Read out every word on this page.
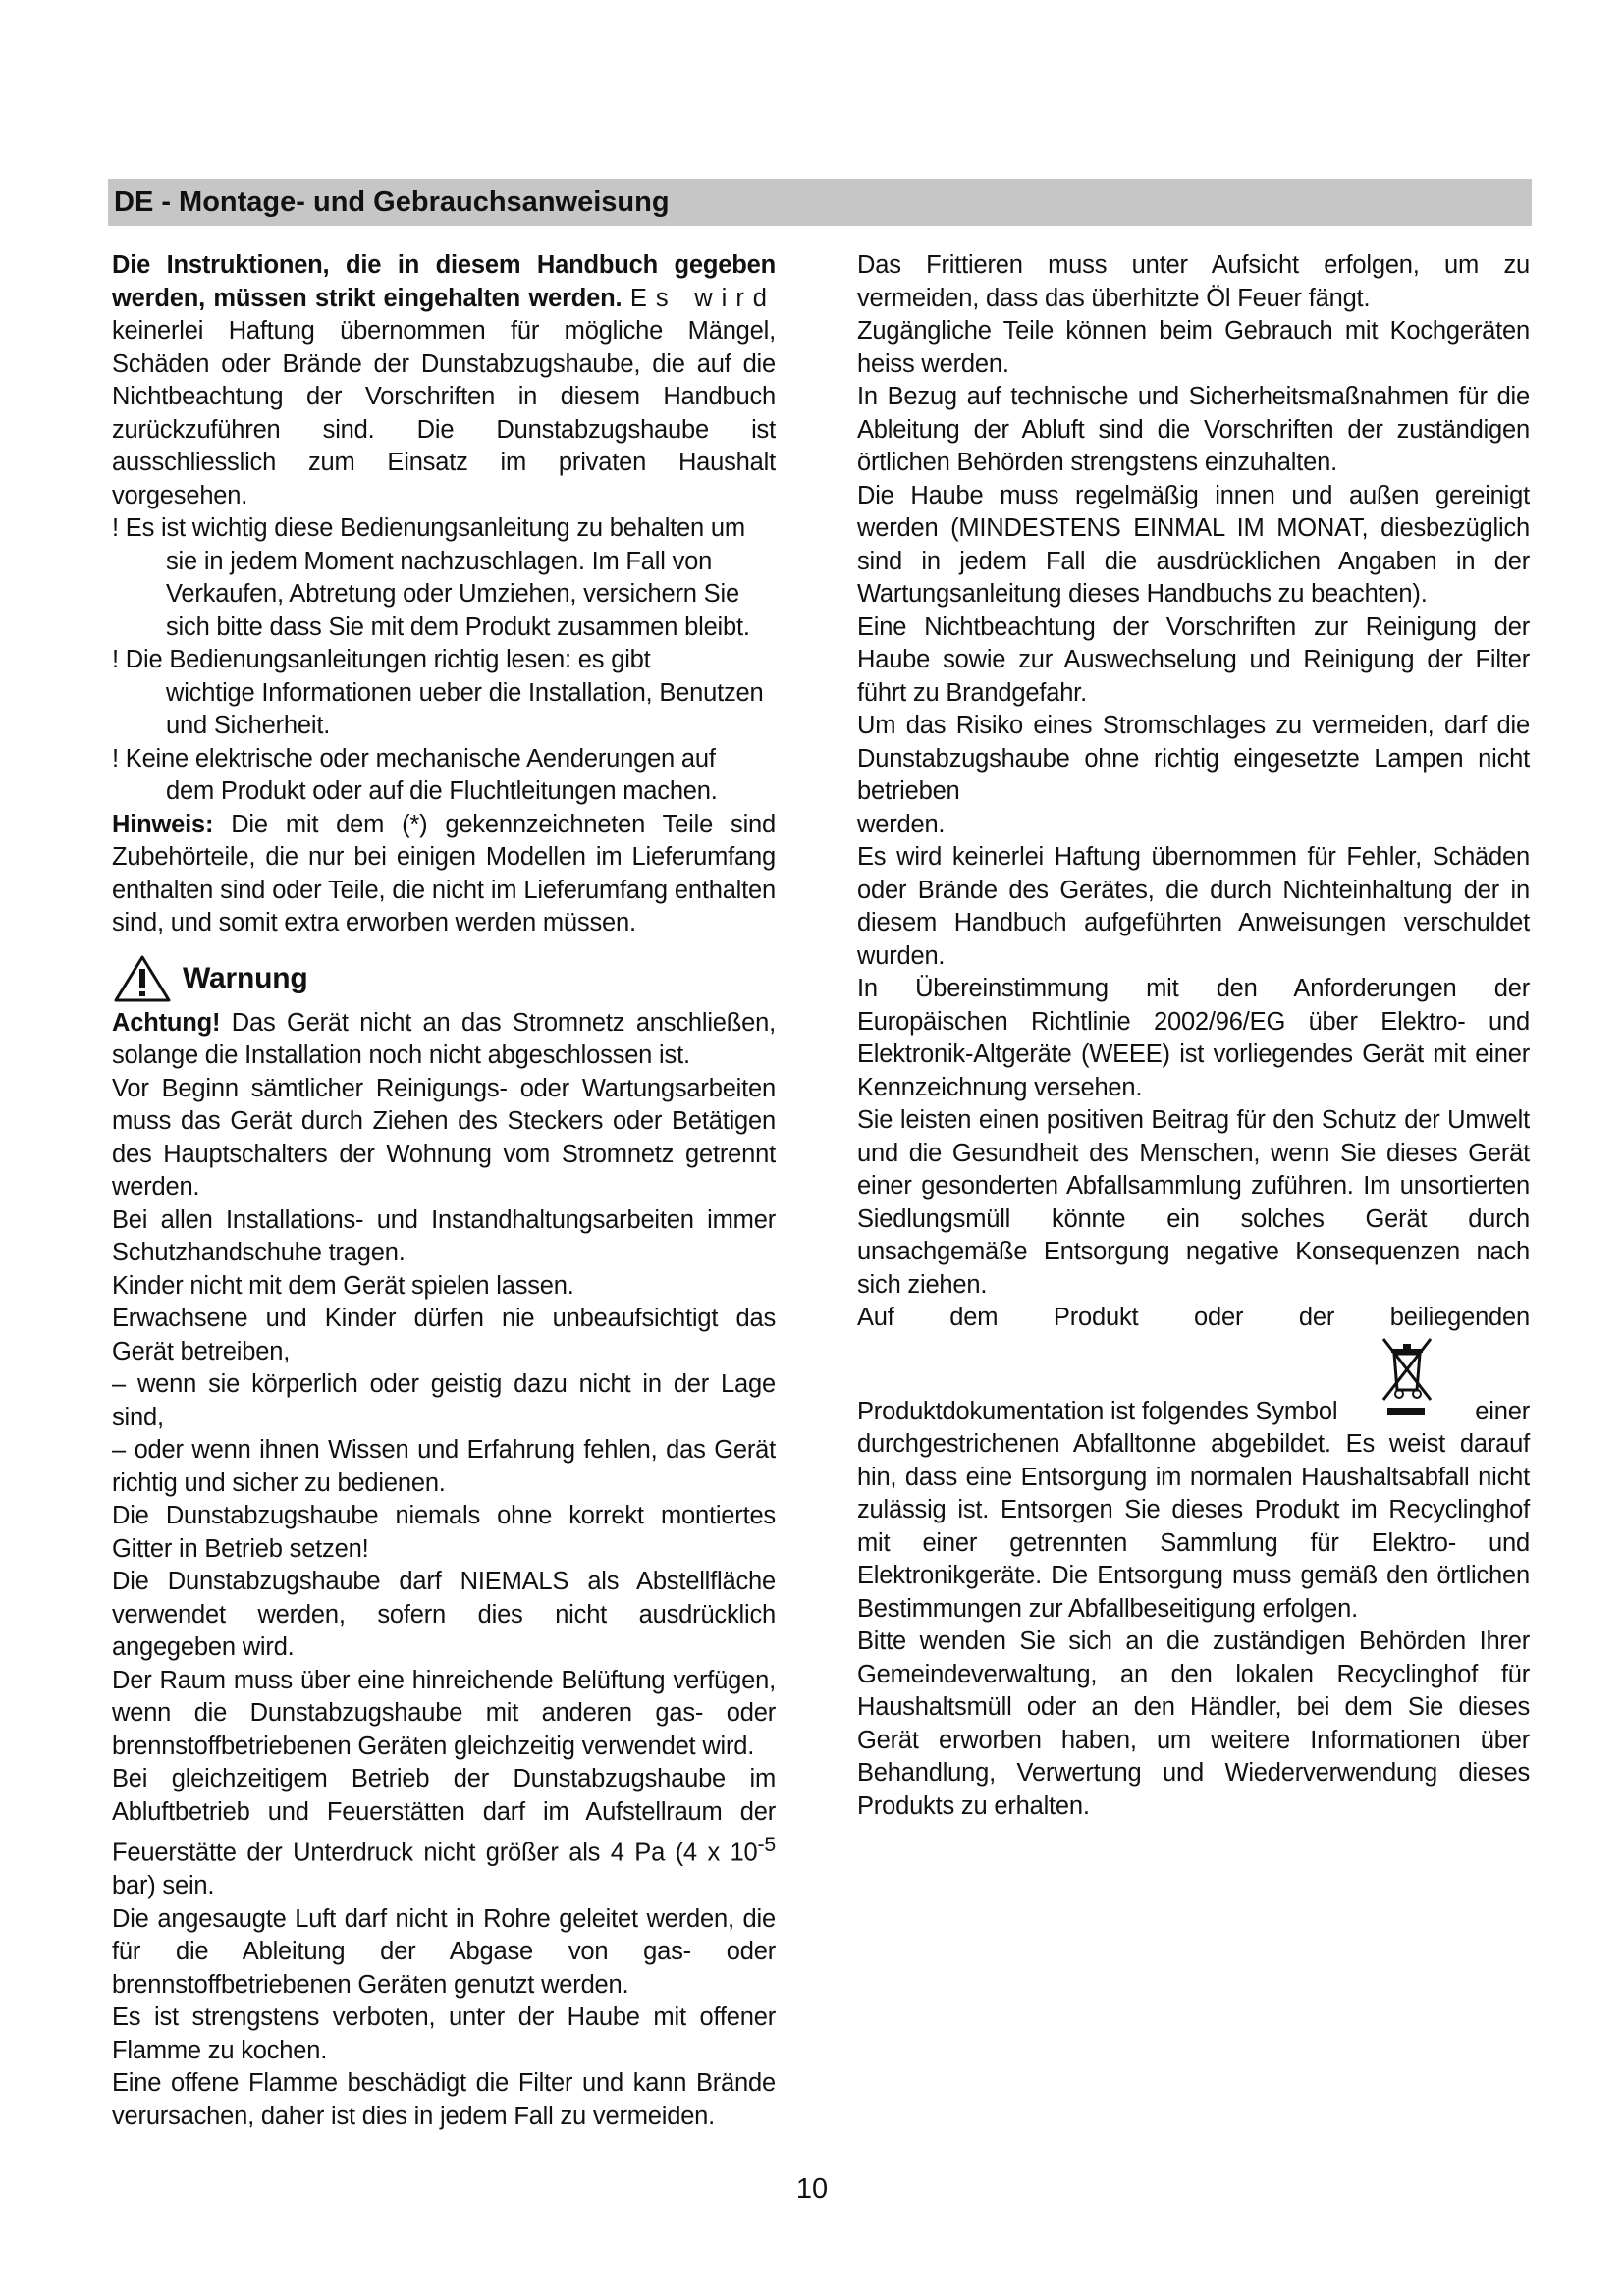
DE - Montage- und Gebrauchsanweisung

Die Instruktionen, die in diesem Handbuch gegeben werden, müssen strikt eingehalten werden. Es wird keinerlei Haftung übernommen für mögliche Mängel, Schäden oder Brände der Dunstabzugshaube, die auf die Nichtbeachtung der Vorschriften in diesem Handbuch zurückzuführen sind. Die Dunstabzugshaube ist ausschliesslich zum Einsatz im privaten Haushalt vorgesehen.

! Es ist wichtig diese Bedienungsanleitung zu behalten um

sie in jedem Moment nachzuschlagen. Im Fall von Verkaufen, Abtretung oder Umziehen, versichern Sie sich bitte dass Sie mit dem Produkt zusammen bleibt.

! Die Bedienungsanleitungen richtig lesen: es gibt

wichtige Informationen ueber die Installation, Benutzen und Sicherheit.

! Keine elektrische oder mechanische Aenderungen auf

dem Produkt oder auf die Fluchtleitungen machen.

Hinweis: Die mit dem (*) gekennzeichneten Teile sind Zubehörteile, die nur bei einigen Modellen im Lieferumfang enthalten sind oder Teile, die nicht im Lieferumfang enthalten sind, und somit extra erworben werden müssen.

Warnung

Achtung! Das Gerät nicht an das Stromnetz anschließen, solange die Installation noch nicht abgeschlossen ist.

Vor Beginn sämtlicher Reinigungs- oder Wartungsarbeiten muss das Gerät durch Ziehen des Steckers oder Betätigen des Hauptschalters der Wohnung vom Stromnetz getrennt werden.

Bei allen Installations- und Instandhaltungsarbeiten immer Schutzhandschuhe tragen.

Kinder nicht mit dem Gerät spielen lassen.

Erwachsene und Kinder dürfen nie unbeaufsichtigt das Gerät betreiben,

– wenn sie körperlich oder geistig dazu nicht in der Lage sind,

– oder wenn ihnen Wissen und Erfahrung fehlen, das Gerät richtig und sicher zu bedienen.

Die Dunstabzugshaube niemals ohne korrekt montiertes Gitter in Betrieb setzen!

Die Dunstabzugshaube darf NIEMALS als Abstellfläche verwendet werden, sofern dies nicht ausdrücklich angegeben wird.

Der Raum muss über eine hinreichende Belüftung verfügen, wenn die Dunstabzugshaube mit anderen gas- oder brennstoffbetriebenen Geräten gleichzeitig verwendet wird.

Bei gleichzeitigem Betrieb der Dunstabzugshaube im Abluftbetrieb und Feuerstätten darf im Aufstellraum der Feuerstätte der Unterdruck nicht größer als 4 Pa (4 x $10^{-5}$ bar) sein.

Die angesaugte Luft darf nicht in Rohre geleitet werden, die für die Ableitung der Abgase von gas- oder brennstoffbetriebenen Geräten genutzt werden.

Es ist strengstens verboten, unter der Haube mit offener Flamme zu kochen.

Eine offene Flamme beschädigt die Filter und kann Brände verursachen, daher ist dies in jedem Fall zu vermeiden.

Das Frittieren muss unter Aufsicht erfolgen, um zu vermeiden, dass das überhitzte Öl Feuer fängt.

Zugängliche Teile können beim Gebrauch mit Kochgeräten heiss werden.

In Bezug auf technische und Sicherheitsmaßnahmen für die Ableitung der Abluft sind die Vorschriften der zuständigen örtlichen Behörden strengstens einzuhalten.

Die Haube muss regelmäßig innen und außen gereinigt werden (MINDESTENS EINMAL IM MONAT, diesbezüglich sind in jedem Fall die ausdrücklichen Angaben in der Wartungsanleitung dieses Handbuchs zu beachten).

Eine Nichtbeachtung der Vorschriften zur Reinigung der Haube sowie zur Auswechselung und Reinigung der Filter führt zu Brandgefahr.

Um das Risiko eines Stromschlages zu vermeiden, darf die Dunstabzugshaube ohne richtig eingesetzte Lampen nicht betrieben

werden.

Es wird keinerlei Haftung übernommen für Fehler, Schäden oder Brände des Gerätes, die durch Nichteinhaltung der in diesem Handbuch aufgeführten Anweisungen verschuldet wurden.

In Übereinstimmung mit den Anforderungen der Europäischen Richtlinie 2002/96/EG über Elektro- und Elektronik-Altgeräte (WEEE) ist vorliegendes Gerät mit einer Kennzeichnung versehen.

Sie leisten einen positiven Beitrag für den Schutz der Umwelt und die Gesundheit des Menschen, wenn Sie dieses Gerät einer gesonderten Abfallsammlung zuführen. Im unsortierten Siedlungsmüll könnte ein solches Gerät durch unsachgemäße Entsorgung negative Konsequenzen nach sich ziehen.

Auf dem Produkt oder der beiliegenden

Produktdokumentation ist folgendes Symbol	einer

durchgestrichenen Abfalltonne abgebildet. Es weist darauf hin, dass eine Entsorgung im normalen Haushaltsabfall nicht zulässig ist. Entsorgen Sie dieses Produkt im Recyclinghof mit einer getrennten Sammlung für Elektro- und Elektronikgeräte. Die Entsorgung muss gemäß den örtlichen Bestimmungen zur Abfallbeseitigung erfolgen.

Bitte wenden Sie sich an die zuständigen Behörden Ihrer Gemeindeverwaltung, an den lokalen Recyclinghof für Haushaltsmüll oder an den Händler, bei dem Sie dieses Gerät erworben haben, um weitere Informationen über Behandlung, Verwertung und Wiederverwendung dieses Produkts zu erhalten.

10
